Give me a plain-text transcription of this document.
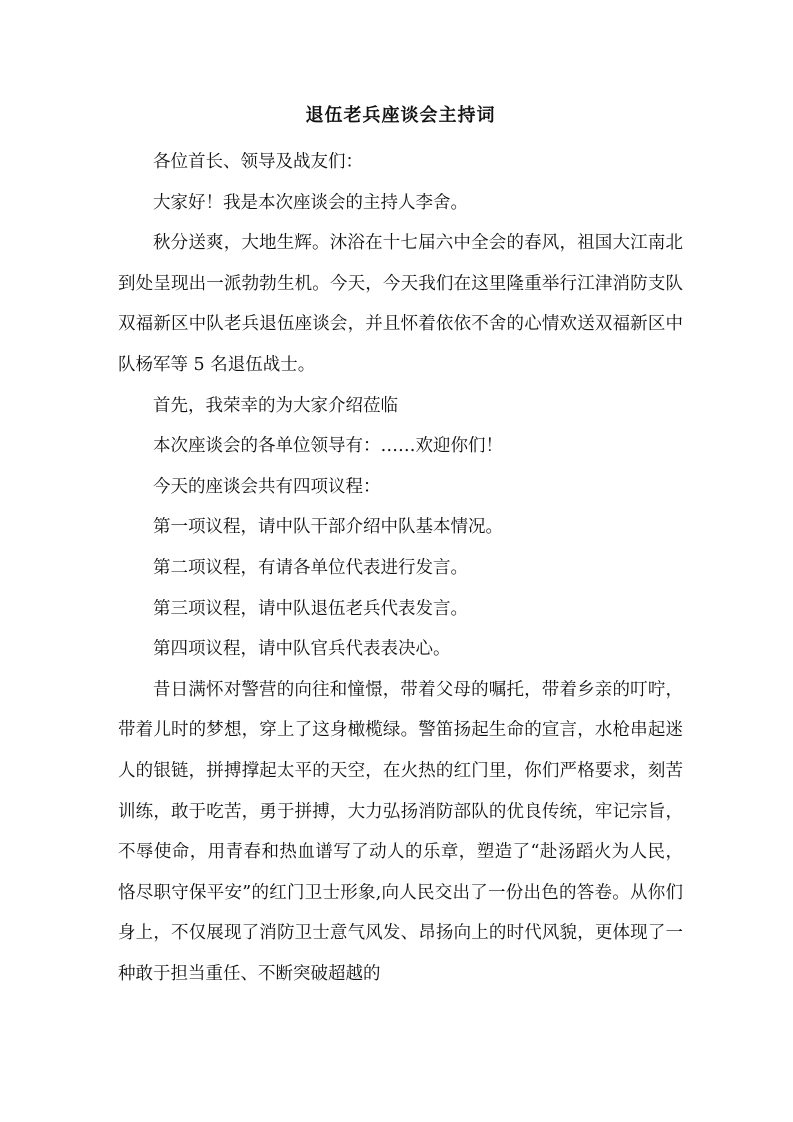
退伍老兵座谈会主持词

各位首长、领导及战友们：

大家好！我是本次座谈会的主持人李舍。

秋分送爽，大地生辉。沐浴在十七届六中全会的春风，祖国大江南北到处呈现出一派勃勃生机。今天，今天我们在这里隆重举行江津消防支队双福新区中队老兵退伍座谈会，并且怀着依依不舍的心情欢送双福新区中队杨军等 5 名退伍战士。

首先，我荣幸的为大家介绍莅临

本次座谈会的各单位领导有：……欢迎你们！

今天的座谈会共有四项议程：

第一项议程，请中队干部介绍中队基本情况。

第二项议程，有请各单位代表进行发言。

第三项议程，请中队退伍老兵代表发言。

第四项议程，请中队官兵代表表决心。

昔日满怀对警营的向往和憧憬，带着父母的嘱托，带着乡亲的叮咛，带着儿时的梦想，穿上了这身橄榄绿。警笛扬起生命的宣言，水枪串起迷人的银链，拼搏撑起太平的天空，在火热的红门里，你们严格要求，刻苦训练，敢于吃苦，勇于拼搏，大力弘扬消防部队的优良传统，牢记宗旨，不辱使命，用青春和热血谱写了动人的乐章，塑造了“赴汤蹈火为人民，恪尽职守保平安”的红门卫士形象,向人民交出了一份出色的答卷。从你们身上，不仅展现了消防卫士意气风发、昂扬向上的时代风貌，更体现了一种敢于担当重任、不断突破超越的
